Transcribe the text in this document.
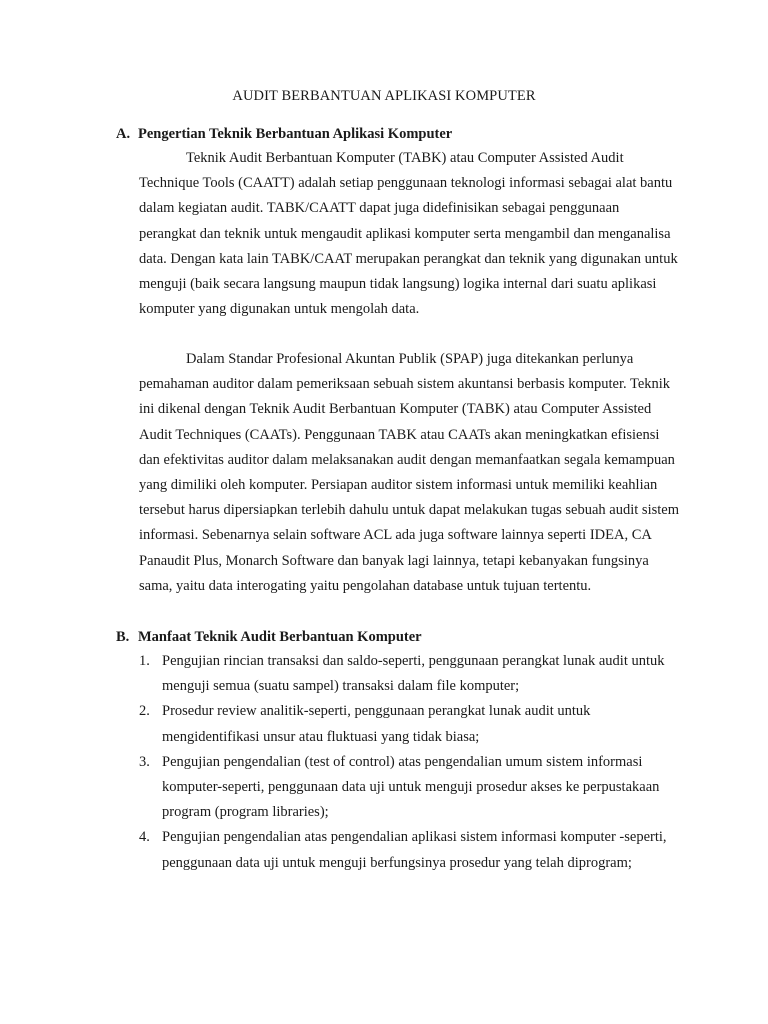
AUDIT BERBANTUAN APLIKASI KOMPUTER
A. Pengertian Teknik Berbantuan Aplikasi Komputer

Teknik Audit Berbantuan Komputer (TABK) atau Computer Assisted Audit Technique Tools (CAATT) adalah setiap penggunaan teknologi informasi sebagai alat bantu dalam kegiatan audit. TABK/CAATT dapat juga didefinisikan sebagai penggunaan perangkat dan teknik untuk mengaudit aplikasi komputer serta mengambil dan menganalisa data. Dengan kata lain TABK/CAAT merupakan perangkat dan teknik yang digunakan untuk menguji (baik secara langsung maupun tidak langsung) logika internal dari suatu aplikasi komputer yang digunakan untuk mengolah data.

Dalam Standar Profesional Akuntan Publik (SPAP) juga ditekankan perlunya pemahaman auditor dalam pemeriksaan sebuah sistem akuntansi berbasis komputer. Teknik ini dikenal dengan Teknik Audit Berbantuan Komputer (TABK) atau Computer Assisted Audit Techniques (CAATs). Penggunaan TABK atau CAATs akan meningkatkan efisiensi dan efektivitas auditor dalam melaksanakan audit dengan memanfaatkan segala kemampuan yang dimiliki oleh komputer. Persiapan auditor sistem informasi untuk memiliki keahlian tersebut harus dipersiapkan terlebih dahulu untuk dapat melakukan tugas sebuah audit sistem informasi. Sebenarnya selain software ACL ada juga software lainnya seperti IDEA, CA Panaudit Plus, Monarch Software dan banyak lagi lainnya, tetapi kebanyakan fungsinya sama, yaitu data interogating yaitu pengolahan database untuk tujuan tertentu.

B. Manfaat Teknik Audit Berbantuan Komputer
1. Pengujian rincian transaksi dan saldo-seperti, penggunaan perangkat lunak audit untuk menguji semua (suatu sampel) transaksi dalam file komputer;
2. Prosedur review analitik-seperti, penggunaan perangkat lunak audit untuk mengidentifikasi unsur atau fluktuasi yang tidak biasa;
3. Pengujian pengendalian (test of control) atas pengendalian umum sistem informasi komputer-seperti, penggunaan data uji untuk menguji prosedur akses ke perpustakaan program (program libraries);
4. Pengujian pengendalian atas pengendalian aplikasi sistem informasi komputer -seperti, penggunaan data uji untuk menguji berfungsinya prosedur yang telah diprogram;
